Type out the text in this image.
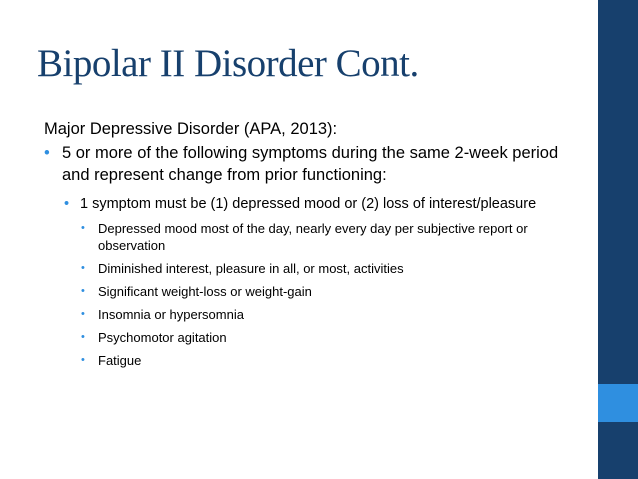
Bipolar II Disorder Cont.

Major Depressive Disorder (APA, 2013):

• 5 or more of the following symptoms during the same 2-week period and represent change from prior functioning:
• 1 symptom must be (1) depressed mood or (2) loss of interest/pleasure
• Depressed mood most of the day, nearly every day per subjective report or observation
• Diminished interest, pleasure in all, or most, activities
• Significant weight-loss or weight-gain
• Insomnia or hypersomnia
• Psychomotor agitation
• Fatigue
